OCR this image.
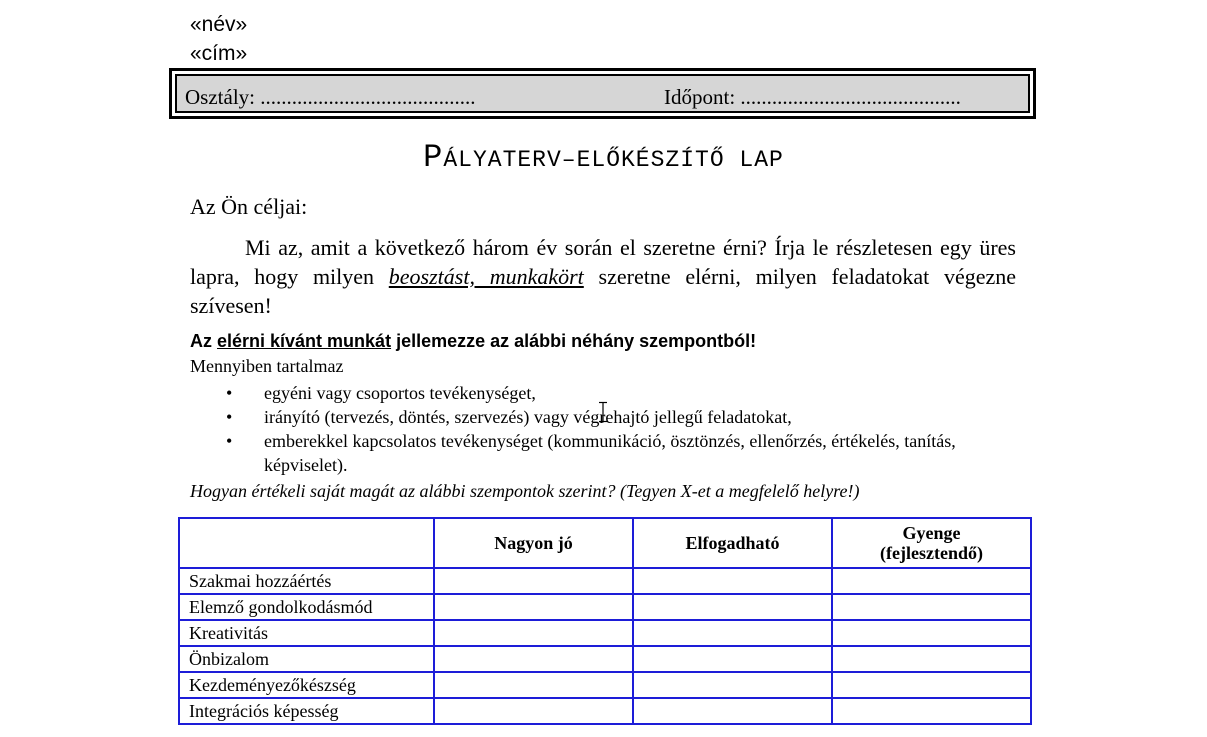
«név»
«cím»
Osztály: .........................................	Időpont: ..........................................
PÁLYATERV–ELŐKÉSZÍTŐ LAP
Az Ön céljai:
Mi az, amit a következő három év során el szeretne érni? Írja le részletesen egy üres lapra, hogy milyen beosztást, munkakört szeretne elérni, milyen feladatokat végezne szívesen!
Az elérni kívánt munkát jellemezze az alábbi néhány szempontból!
Mennyiben tartalmaz
• egyéni vagy csoportos tevékenységet,
• irányító (tervezés, döntés, szervezés) vagy végrehajtó jellegű feladatokat,
• emberekkel kapcsolatos tevékenységet (kommunikáció, ösztönzés, ellenőrzés, értékelés, tanítás, képviselet).
Hogyan értékeli saját magát az alábbi szempontok szerint? (Tegyen X-et a megfelelő helyre!)
	Nagyon jó	Elfogadható	Gyenge
(fejlesztendő)
Szakmai hozzáértés			
Elemző gondolkodásmód			
Kreativitás			
Önbizalom			
Kezdeményezőkészség			
Integrációs képesség			
